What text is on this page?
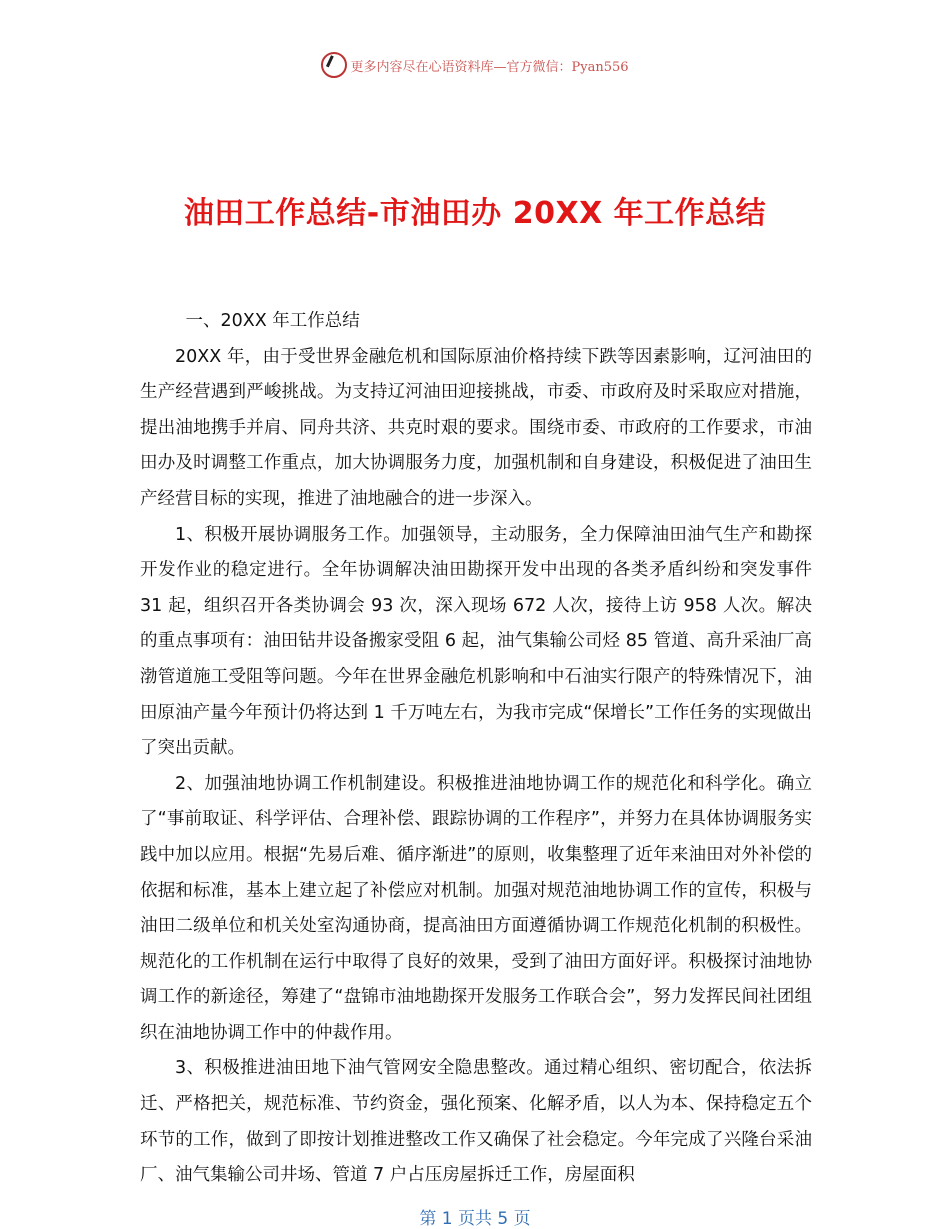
更多内容尽在心语资料库—官方微信：Pyan556
油田工作总结-市油田办 20XX 年工作总结

一、20XX 年工作总结

20XX 年，由于受世界金融危机和国际原油价格持续下跌等因素影响，辽河油田的生产经营遇到严峻挑战。为支持辽河油田迎接挑战，市委、市政府及时采取应对措施，提出油地携手并肩、同舟共济、共克时艰的要求。围绕市委、市政府的工作要求，市油田办及时调整工作重点，加大协调服务力度，加强机制和自身建设，积极促进了油田生产经营目标的实现，推进了油地融合的进一步深入。

1、积极开展协调服务工作。加强领导，主动服务，全力保障油田油气生产和勘探开发作业的稳定进行。全年协调解决油田勘探开发中出现的各类矛盾纠纷和突发事件 31 起，组织召开各类协调会 93 次，深入现场 672 人次，接待上访 958 人次。解决的重点事项有：油田钻井设备搬家受阻 6 起，油气集输公司烃 85 管道、高升采油厂高渤管道施工受阻等问题。今年在世界金融危机影响和中石油实行限产的特殊情况下，油田原油产量今年预计仍将达到 1 千万吨左右，为我市完成“保增长”工作任务的实现做出了突出贡献。

2、加强油地协调工作机制建设。积极推进油地协调工作的规范化和科学化。确立了“事前取证、科学评估、合理补偿、跟踪协调的工作程序”，并努力在具体协调服务实践中加以应用。根据“先易后难、循序渐进”的原则，收集整理了近年来油田对外补偿的依据和标准，基本上建立起了补偿应对机制。加强对规范油地协调工作的宣传，积极与油田二级单位和机关处室沟通协商，提高油田方面遵循协调工作规范化机制的积极性。规范化的工作机制在运行中取得了良好的效果，受到了油田方面好评。积极探讨油地协调工作的新途径，筹建了“盘锦市油地勘探开发服务工作联合会”，努力发挥民间社团组织在油地协调工作中的仲裁作用。

3、积极推进油田地下油气管网安全隐患整改。通过精心组织、密切配合，依法拆迁、严格把关，规范标准、节约资金，强化预案、化解矛盾，以人为本、保持稳定五个环节的工作，做到了即按计划推进整改工作又确保了社会稳定。今年完成了兴隆台采油厂、油气集输公司井场、管道 7 户占压房屋拆迁工作，房屋面积

第 1 页共 5 页
